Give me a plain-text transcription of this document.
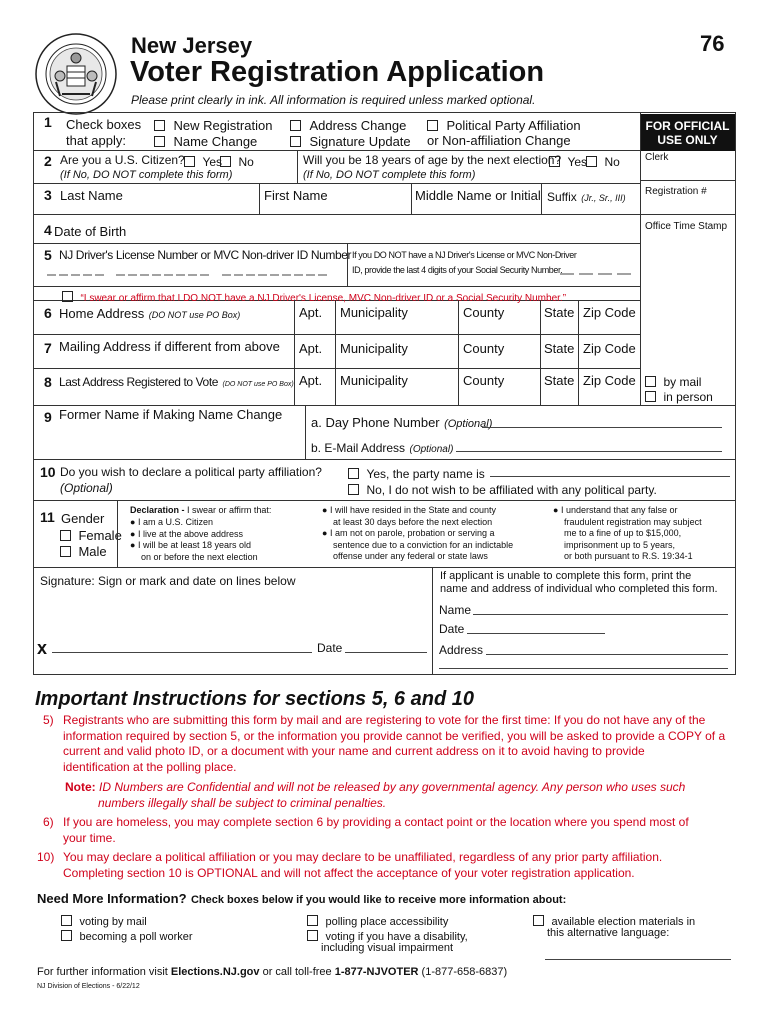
New Jersey
Voter Registration Application
76
Please print clearly in ink. All information is required unless marked optional.
FOR OFFICIAL
USE ONLY
Clerk
Registration #
Office Time Stamp
1 Check boxes
that apply:
New Registration
Name Change
Address Change
Signature Update
Political Party Affiliation
or Non-affiliation Change
2 Are you a U.S. Citizen?	Yes	No
(If No, DO NOT complete this form)
Will you be 18 years of age by the next election? Yes	No
(If No, DO NOT complete this form)
3 Last Name	First Name	Middle Name or Initial Suffix (Jr., Sr., III)
4 Date of Birth
5 NJ Driver's License Number or MVC Non-driver ID Number If you DO NOT have a NJ Driver's License or MVC Non-Driver
ID, provide the last 4 digits of your Social Security Number.
“I swear or affirm that I DO NOT have a NJ Driver's License, MVC Non-driver ID or a Social Security Number.”
6 Home Address (DO NOT use PO Box)	Apt. Municipality	County	State Zip Code
7 Mailing Address if different from above Apt. Municipality	County	State Zip Code
8 Last Address Registered to Vote (DO NOT use PO Box) Apt. Municipality	County	State Zip Code	by mail
in person
9 Former Name if Making Name Change
a. Day Phone Number (Optional)
b. E-Mail Address (Optional)
10 Do you wish to declare a political party affiliation?
(Optional)
Yes, the party name is
No, I do not wish to be affiliated with any political party.
11 Gender
Female
Male
Declaration - I swear or affirm that:
● I am a U.S. Citizen
● I live at the above address
● I will be at least 18 years old
on or before the next election
● I will have resided in the State and county
at least 30 days before the next election
● I am not on parole, probation or serving a
sentence due to a conviction for an indictable
offense under any federal or state laws
● I understand that any false or
fraudulent registration may subject
me to a fine of up to $15,000,
imprisonment up to 5 years,
or both pursuant to R.S. 19:34-1
Signature: Sign or mark and date on lines below
x	Date
If applicant is unable to complete this form, print the
name and address of individual who completed this form.
Name
Date
Address
Important Instructions for sections 5, 6 and 10
5) Registrants who are submitting this form by mail and are registering to vote for the first time: If you do not have any of the
information required by section 5, or the information you provide cannot be verified, you will be asked to provide a COPY of a
current and valid photo ID, or a document with your name and current address on it to avoid having to provide
identification at the polling place.
Note: ID Numbers are Confidential and will not be released by any governmental agency. Any person who uses such
numbers illegally shall be subject to criminal penalties.
6) If you are homeless, you may complete section 6 by providing a contact point or the location where you spend most of
your time.
10) You may declare a political affiliation or you may declare to be unaffiliated, regardless of any prior party affiliation.
Completing section 10 is OPTIONAL and will not affect the acceptance of your voter registration application.
Need More Information? Check boxes below if you would like to receive more information about:
voting by mail
becoming a poll worker
polling place accessibility
voting if you have a disability,
including visual impairment
available election materials in
this alternative language:
For further information visit Elections.NJ.gov or call toll-free 1-877-NJVOTER (1-877-658-6837)
NJ Division of Elections - 6/22/12
